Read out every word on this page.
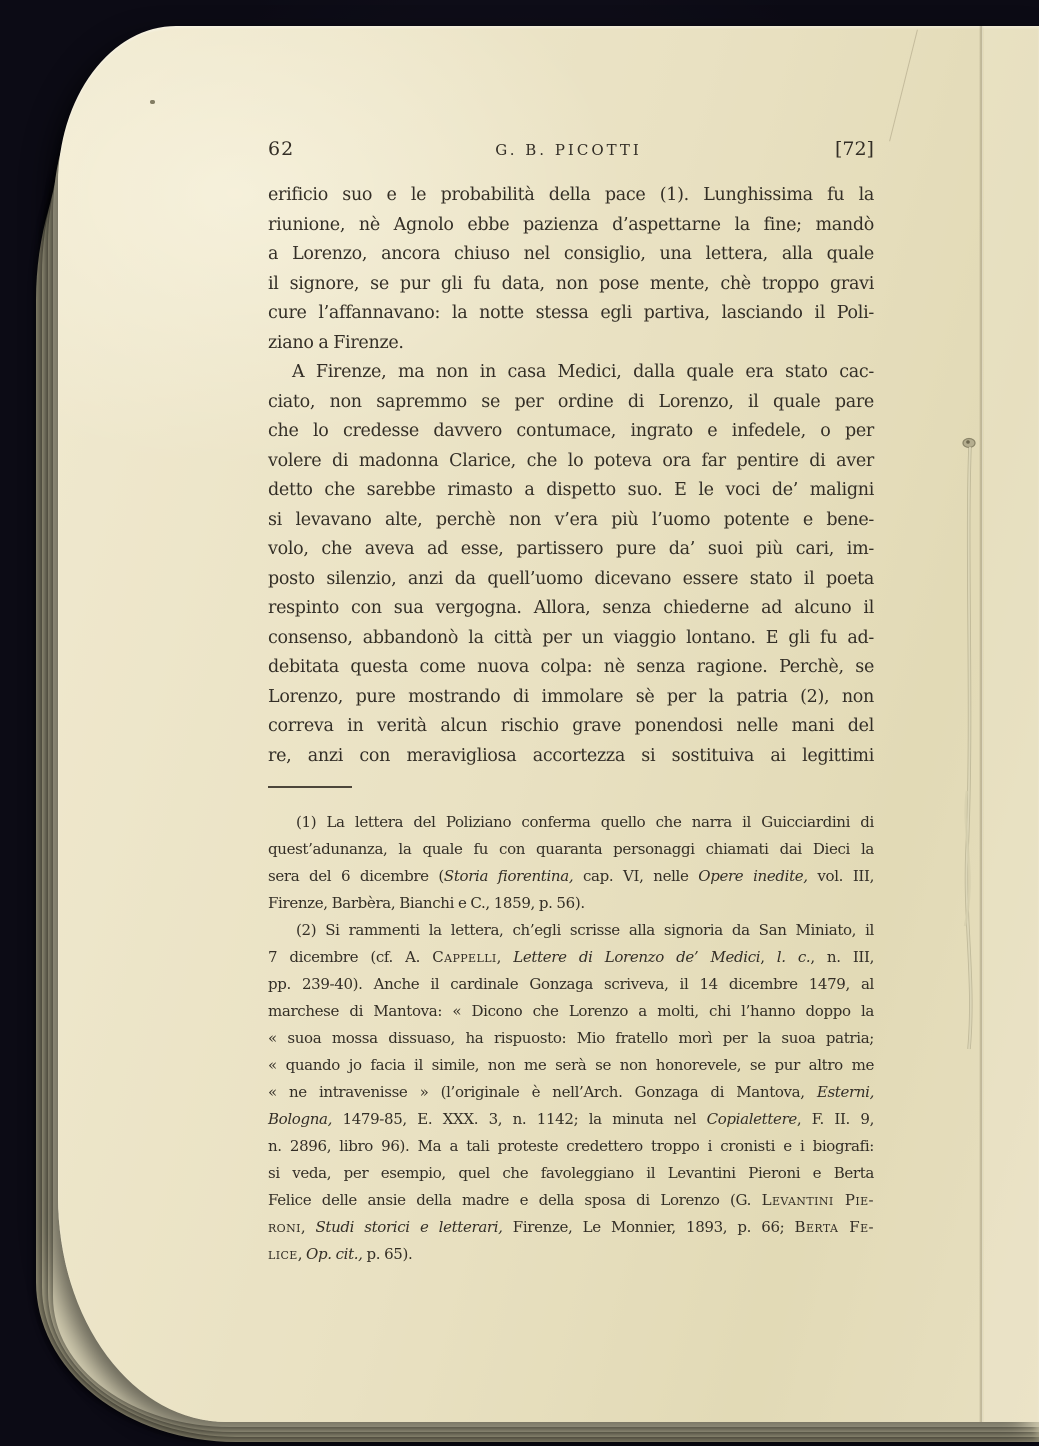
62	G. B. PICOTTI	[72]
erificio suo e le probabilità della pace (1). Lunghissima fu la
riunione, nè Agnolo ebbe pazienza d’aspettarne la fine; mandò
a Lorenzo, ancora chiuso nel consiglio, una lettera, alla quale
il signore, se pur gli fu data, non pose mente, chè troppo gravi
cure l’affannavano: la notte stessa egli partiva, lasciando il Poli-
ziano a Firenze.
A Firenze, ma non in casa Medici, dalla quale era stato cac-
ciato, non sapremmo se per ordine di Lorenzo, il quale pare
che lo credesse davvero contumace, ingrato e infedele, o per
volere di madonna Clarice, che lo poteva ora far pentire di aver
detto che sarebbe rimasto a dispetto suo. E le voci de’ maligni
si levavano alte, perchè non v’era più l’uomo potente e bene-
volo, che aveva ad esse, partissero pure da’ suoi più cari, im-
posto silenzio, anzi da quell’uomo dicevano essere stato il poeta
respinto con sua vergogna. Allora, senza chiederne ad alcuno il
consenso, abbandonò la città per un viaggio lontano. E gli fu ad-
debitata questa come nuova colpa: nè senza ragione. Perchè, se
Lorenzo, pure mostrando di immolare sè per la patria (2), non
correva in verità alcun rischio grave ponendosi nelle mani del
re, anzi con meravigliosa accortezza si sostituiva ai legittimi
(1) La lettera del Poliziano conferma quello che narra il Guicciardini di
quest’adunanza, la quale fu con quaranta personaggi chiamati dai Dieci la
sera del 6 dicembre (Storia fiorentina, cap. VI, nelle Opere inedite, vol. III,
Firenze, Barbèra, Bianchi e C., 1859, p. 56).
(2) Si rammenti la lettera, ch’egli scrisse alla signoria da San Miniato, il
7 dicembre (cf. A. Cappelli, Lettere di Lorenzo de’ Medici, l. c., n. III,
pp. 239-40). Anche il cardinale Gonzaga scriveva, il 14 dicembre 1479, al
marchese di Mantova: « Dicono che Lorenzo a molti, chi l’hanno doppo la
« suoa mossa dissuaso, ha rispuosto: Mio fratello morì per la suoa patria;
« quando jo facia il simile, non me serà se non honorevele, se pur altro me
« ne intravenisse » (l’originale è nell’Arch. Gonzaga di Mantova, Esterni,
Bologna, 1479-85, E. XXX. 3, n. 1142; la minuta nel Copialettere, F. II. 9,
n. 2896, libro 96). Ma a tali proteste credettero troppo i cronisti e i biografi:
si veda, per esempio, quel che favoleggiano il Levantini Pieroni e Berta
Felice delle ansie della madre e della sposa di Lorenzo (G. Levantini Pie-
roni, Studi storici e letterari, Firenze, Le Monnier, 1893, p. 66; Berta Fe-
lice, Op. cit., p. 65).
